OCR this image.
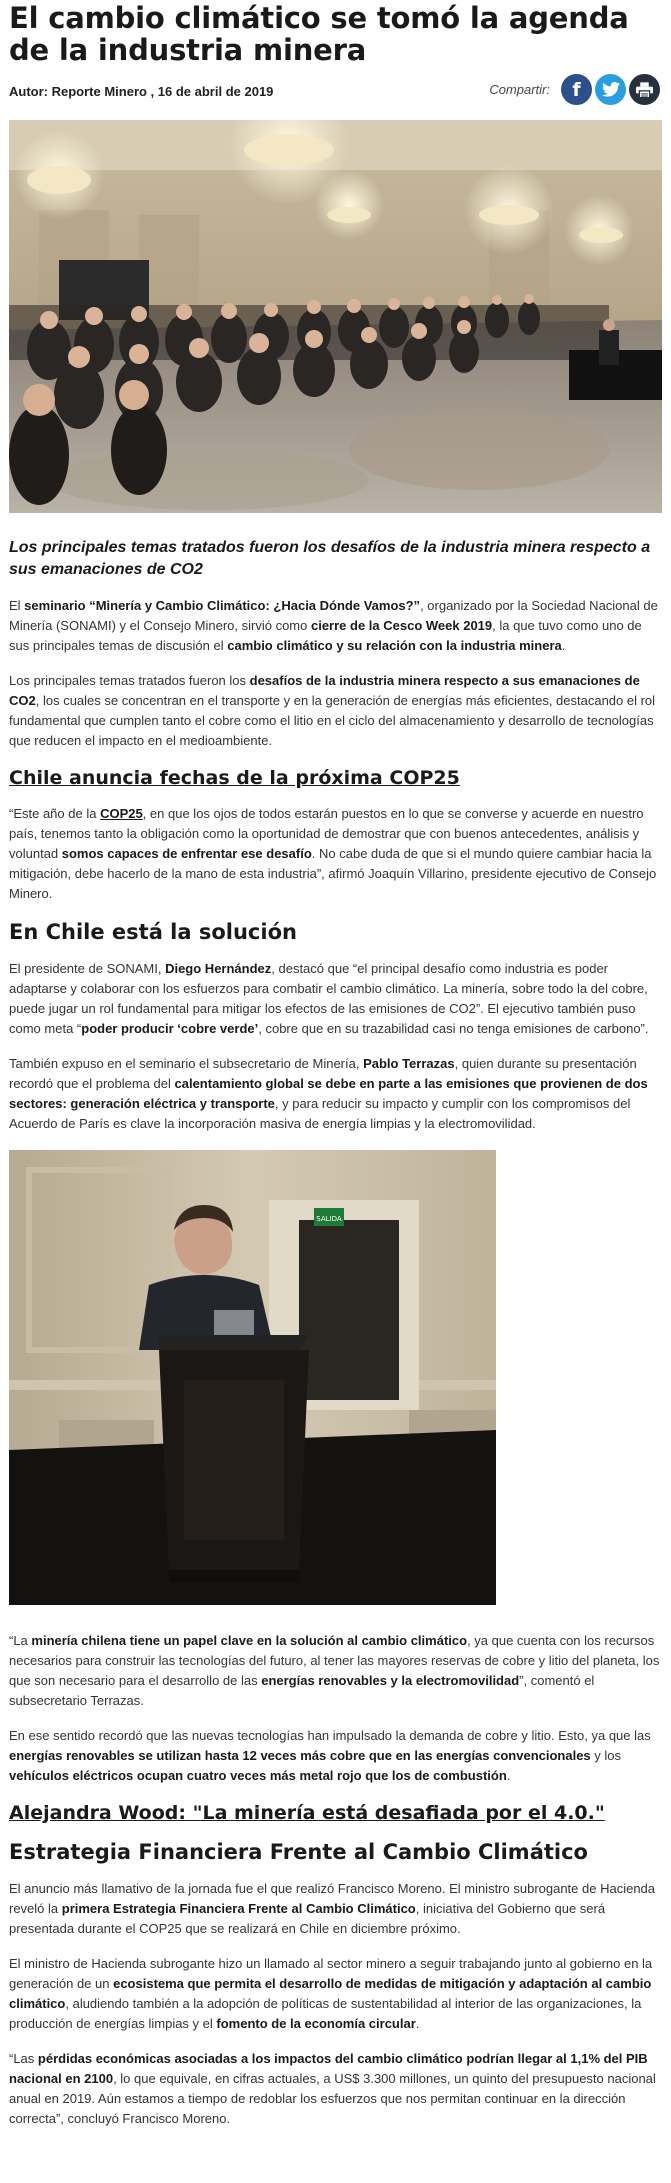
El cambio climático se tomó la agenda de la industria minera
Autor: Reporte Minero , 16 de abril de 2019	Compartir: f

Los principales temas tratados fueron los desafíos de la industria minera respecto a sus emanaciones de CO2

El seminario “Minería y Cambio Climático: ¿Hacia Dónde Vamos?”, organizado por la Sociedad Nacional de Minería (SONAMI) y el Consejo Minero, sirvió como cierre de la Cesco Week 2019, la que tuvo como uno de sus principales temas de discusión el cambio climático y su relación con la industria minera.

Los principales temas tratados fueron los desafíos de la industria minera respecto a sus emanaciones de CO2, los cuales se concentran en el transporte y en la generación de energías más eficientes, destacando el rol fundamental que cumplen tanto el cobre como el litio en el ciclo del almacenamiento y desarrollo de tecnologías que reducen el impacto en el medioambiente.

Chile anuncia fechas de la próxima COP25

“Este año de la COP25, en que los ojos de todos estarán puestos en lo que se converse y acuerde en nuestro país, tenemos tanto la obligación como la oportunidad de demostrar que con buenos antecedentes, análisis y voluntad somos capaces de enfrentar ese desafío. No cabe duda de que si el mundo quiere cambiar hacia la mitigación, debe hacerlo de la mano de esta industria”, afirmó Joaquín Villarino, presidente ejecutivo de Consejo Minero.

En Chile está la solución

El presidente de SONAMI, Diego Hernández, destacó que “el principal desafío como industria es poder adaptarse y colaborar con los esfuerzos para combatir el cambio climático. La minería, sobre todo la del cobre, puede jugar un rol fundamental para mitigar los efectos de las emisiones de CO2”. El ejecutivo también puso como meta “poder producir ‘cobre verde’, cobre que en su trazabilidad casi no tenga emisiones de carbono”.

También expuso en el seminario el subsecretario de Minería, Pablo Terrazas, quien durante su presentación recordó que el problema del calentamiento global se debe en parte a las emisiones que provienen de dos sectores: generación eléctrica y transporte, y para reducir su impacto y cumplir con los compromisos del Acuerdo de París es clave la incorporación masiva de energía limpias y la electromovilidad.

SALIDA

“La minería chilena tiene un papel clave en la solución al cambio climático, ya que cuenta con los recursos necesarios para construir las tecnologías del futuro, al tener las mayores reservas de cobre y litio del planeta, los que son necesario para el desarrollo de las energías renovables y la electromovilidad”, comentó el subsecretario Terrazas.

En ese sentido recordó que las nuevas tecnologías han impulsado la demanda de cobre y litio. Esto, ya que las energías renovables se utilizan hasta 12 veces más cobre que en las energías convencionales y los vehículos eléctricos ocupan cuatro veces más metal rojo que los de combustión.

Alejandra Wood: "La minería está desafiada por el 4.0."
Estrategia Financiera Frente al Cambio Climático

El anuncio más llamativo de la jornada fue el que realizó Francisco Moreno. El ministro subrogante de Hacienda reveló la primera Estrategia Financiera Frente al Cambio Climático, iniciativa del Gobierno que será presentada durante el COP25 que se realizará en Chile en diciembre próximo.

El ministro de Hacienda subrogante hizo un llamado al sector minero a seguir trabajando junto al gobierno en la generación de un ecosistema que permita el desarrollo de medidas de mitigación y adaptación al cambio climático, aludiendo también a la adopción de políticas de sustentabilidad al interior de las organizaciones, la producción de energías limpias y el fomento de la economía circular.

“Las pérdidas económicas asociadas a los impactos del cambio climático podrían llegar al 1,1% del PIB nacional en 2100, lo que equivale, en cifras actuales, a US$ 3.300 millones, un quinto del presupuesto nacional anual en 2019. Aún estamos a tiempo de redoblar los esfuerzos que nos permitan continuar en la dirección correcta”, concluyó Francisco Moreno.
